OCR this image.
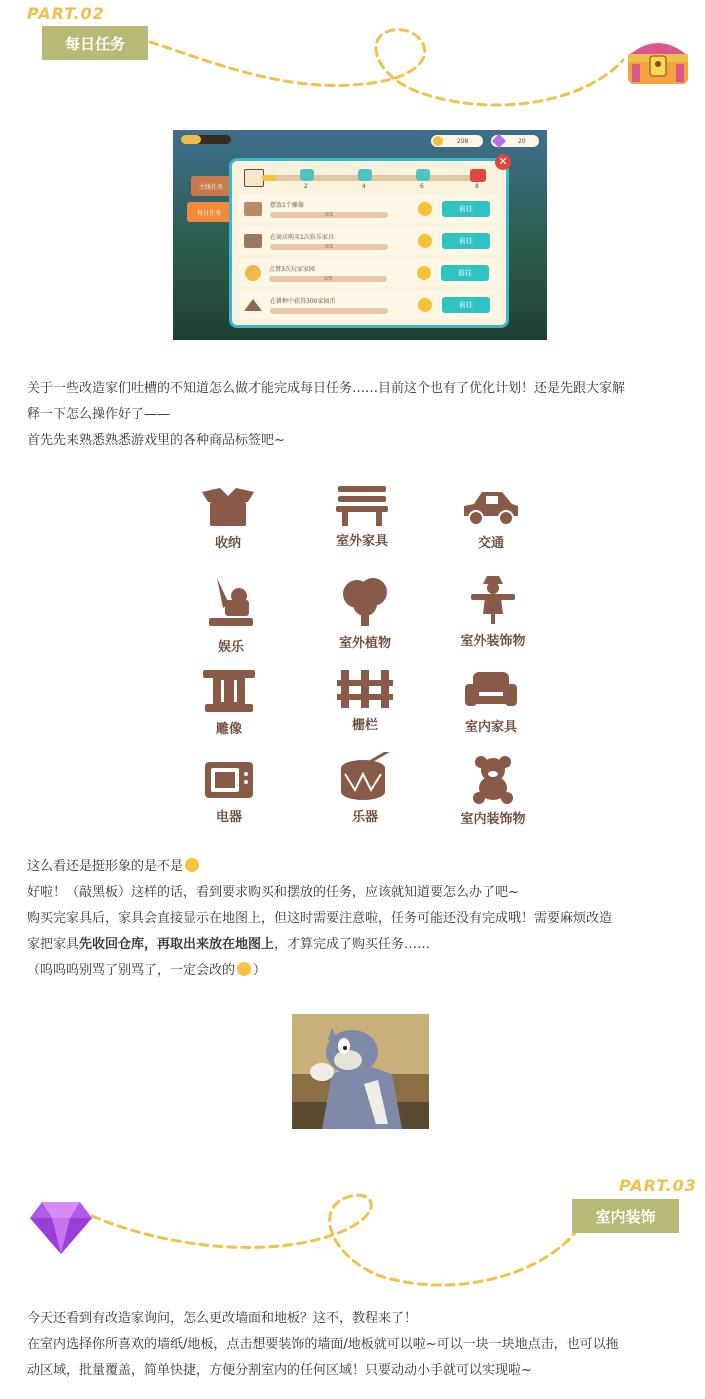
PART.02
每日任务
298	20
主线任务
每日任务
2	4	6	8
摆放1个雕像
0/1
前往
在商店购买1次娱乐家具
0/1
前往
点赞3次玩家家园
0/3
前往
在耕种中获得300家园币	前往
✕
关于一些改造家们吐槽的不知道怎么做才能完成每日任务……目前这个也有了优化计划！还是先跟大家解
释一下怎么操作好了——
首先先来熟悉熟悉游戏里的各种商品标签吧~
收纳	室外家具	交通
娱乐	室外植物	室外装饰物
雕像	栅栏	室内家具
电器	乐器	室内装饰物
这么看还是挺形象的是不是
好啦！（敲黑板）这样的话，看到要求购买和摆放的任务，应该就知道要怎么办了吧~
购买完家具后，家具会直接显示在地图上，但这时需要注意啦，任务可能还没有完成哦！需要麻烦改造
家把家具先收回仓库，再取出来放在地图上，才算完成了购买任务……
（呜呜呜别骂了别骂了，一定会改的 ）
PART.03
室内装饰
今天还看到有改造家询问，怎么更改墙面和地板？这不，教程来了！
在室内选择你所喜欢的墙纸/地板，点击想要装饰的墙面/地板就可以啦~可以一块一块地点击，也可以拖
动区域，批量覆盖，简单快捷，方便分割室内的任何区域！只要动动小手就可以实现啦~
